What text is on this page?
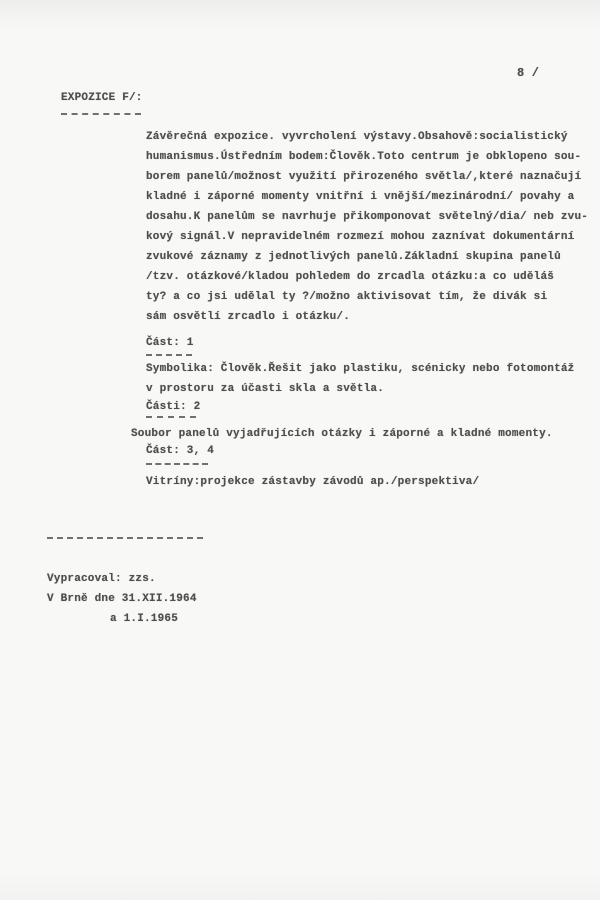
8 /
EXPOZICE F/:
Závěrečná expozice. vyvrcholení výstavy.Obsahově:socialistický
humanismus.Ústředním bodem:Člověk.Toto centrum je obklopeno sou-
borem panelů/možnost využití přirozeného světla/,které naznačují
kladné i záporné momenty vnitřní i vnější/mezinárodní/ povahy a
dosahu.K panelům se navrhuje přikomponovat světelný/dia/ neb zvu-
kový signál.V nepravidelném rozmezí mohou zaznívat dokumentární
zvukové záznamy z jednotlivých panelů.Základní skupina panelů
/tzv. otázkové/kladou pohledem do zrcadla otázku:a co uděláš
ty? a co jsi udělal ty ?/možno aktivisovat tím, že divák si
sám osvětlí zrcadlo i otázku/.
Část: 1
Symbolika: Člověk.Řešit jako plastiku, scénicky nebo fotomontáž
v prostoru za účasti skla a světla.
Části: 2
Soubor panelů vyjadřujících otázky i záporné a kladné momenty.
Část: 3, 4
Vitríny:projekce zástavby závodů ap./perspektiva/
Vypracoval: zzs.
V Brně dne 31.XII.1964
a 1.I.1965
